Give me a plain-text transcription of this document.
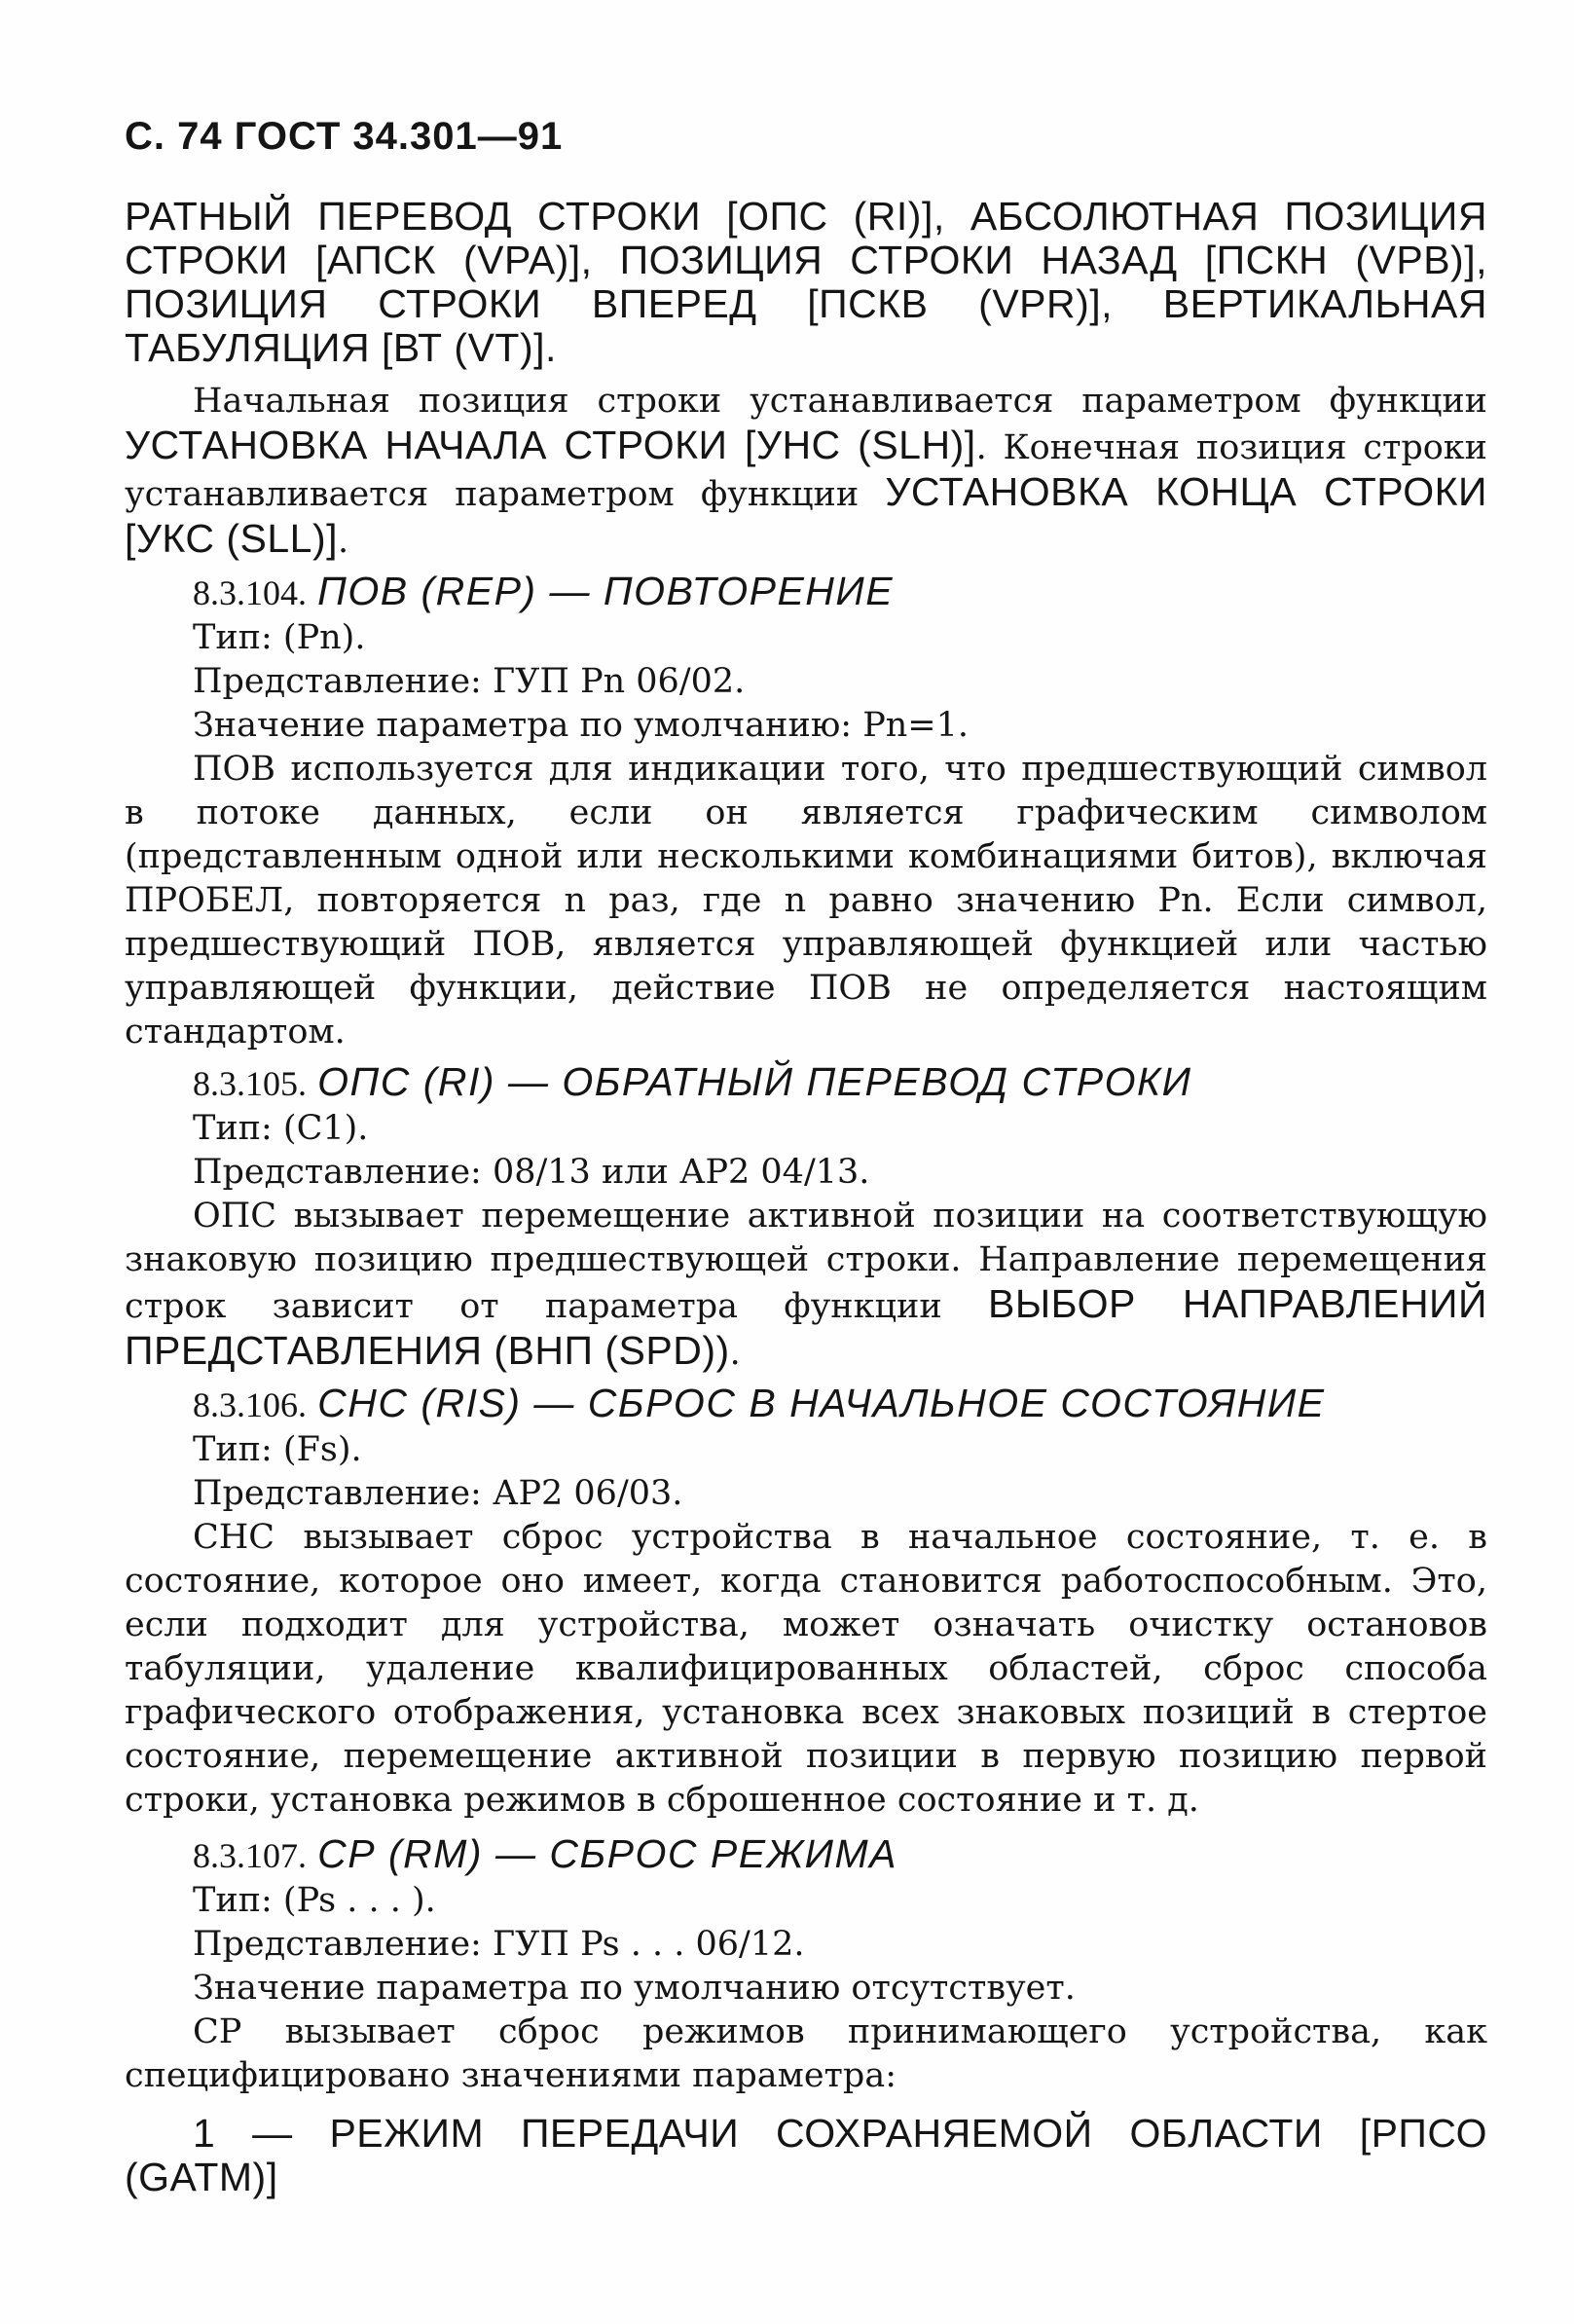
С. 74 ГОСТ 34.301—91

РАТНЫЙ ПЕРЕВОД СТРОКИ [ОПС (RI)], АБСОЛЮТНАЯ ПОЗИЦИЯ СТРОКИ [АПСК (VPA)], ПОЗИЦИЯ СТРОКИ НАЗАД [ПСКН (VPB)], ПОЗИЦИЯ СТРОКИ ВПЕРЕД [ПСКВ (VPR)], ВЕРТИКАЛЬНАЯ ТАБУЛЯЦИЯ [ВТ (VT)].

Начальная позиция строки устанавливается параметром функции УСТАНОВКА НАЧАЛА СТРОКИ [УНС (SLH)]. Конечная позиция строки устанавливается параметром функции УСТАНОВКА КОНЦА СТРОКИ [УКС (SLL)].

8.3.104. ПОВ (REP) — ПОВТОРЕНИЕ

Тип: (Pn).

Представление: ГУП Pn 06/02.

Значение параметра по умолчанию: Pn=1.

ПОВ используется для индикации того, что предшествующий символ в потоке данных, если он является графическим символом (представленным одной или несколькими комбинациями битов), включая ПРОБЕЛ, повторяется n раз, где n равно значению Pn. Если символ, предшествующий ПОВ, является управляющей функцией или частью управляющей функции, действие ПОВ не определяется настоящим стандартом.

8.3.105. ОПС (RI) — ОБРАТНЫЙ ПЕРЕВОД СТРОКИ

Тип: (C1).

Представление: 08/13 или АР2 04/13.

ОПС вызывает перемещение активной позиции на соответствующую знаковую позицию предшествующей строки. Направление перемещения строк зависит от параметра функции ВЫБОР НАПРАВЛЕНИЙ ПРЕДСТАВЛЕНИЯ (ВНП (SPD)).

8.3.106. СНС (RIS) — СБРОС В НАЧАЛЬНОЕ СОСТОЯНИЕ

Тип: (Fs).

Представление: АР2 06/03.

СНС вызывает сброс устройства в начальное состояние, т. е. в состояние, которое оно имеет, когда становится работоспособным. Это, если подходит для устройства, может означать очистку остановов табуляции, удаление квалифицированных областей, сброс способа графического отображения, установка всех знаковых позиций в стертое состояние, перемещение активной позиции в первую позицию первой строки, установка режимов в сброшенное состояние и т. д.

8.3.107. СР (RM) — СБРОС РЕЖИМА

Тип: (Ps . . . ).

Представление: ГУП Ps . . . 06/12.

Значение параметра по умолчанию отсутствует.

СР вызывает сброс режимов принимающего устройства, как специфицировано значениями параметра:

1 — РЕЖИМ ПЕРЕДАЧИ СОХРАНЯЕМОЙ ОБЛАСТИ [РПСО (GATM)]
